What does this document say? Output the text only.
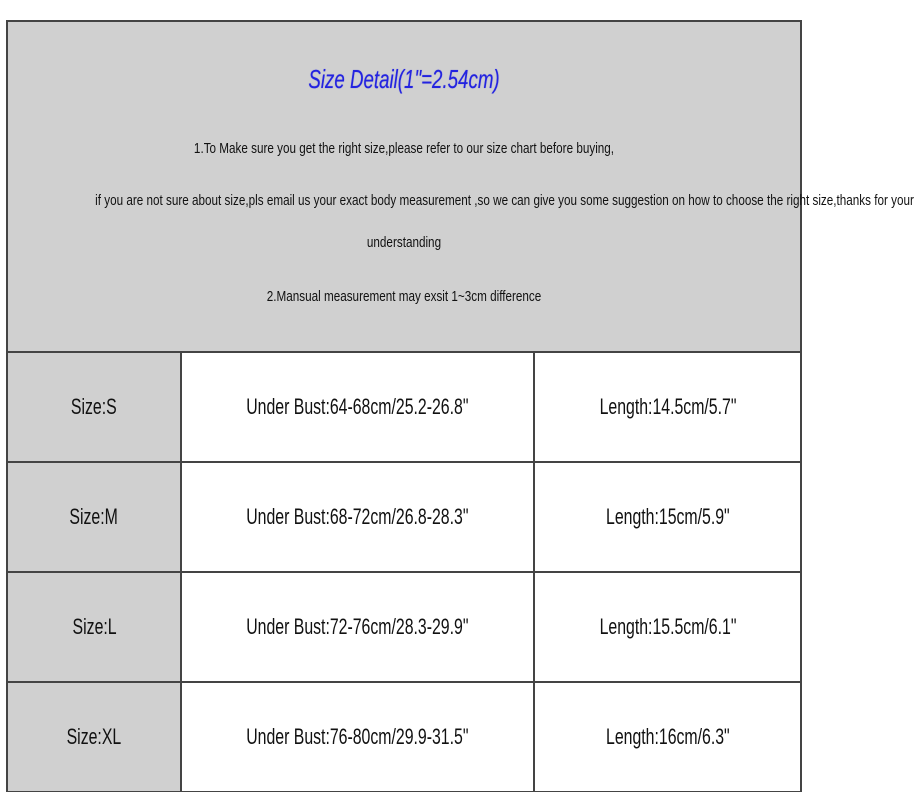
Size Detail(1"=2.54cm)
1.To Make sure you get the right size,please refer to our size chart before buying,
if you are not sure about size,pls email us your exact body measurement ,so we can give you some suggestion on how to choose the right size,thanks for your
understanding
2.Mansual measurement may exsit 1~3cm difference
Size:S	Under Bust:64-68cm/25.2-26.8"	Length:14.5cm/5.7"
Size:M	Under Bust:68-72cm/26.8-28.3"	Length:15cm/5.9"
Size:L	Under Bust:72-76cm/28.3-29.9"	Length:15.5cm/6.1"
Size:XL	Under Bust:76-80cm/29.9-31.5"	Length:16cm/6.3"
